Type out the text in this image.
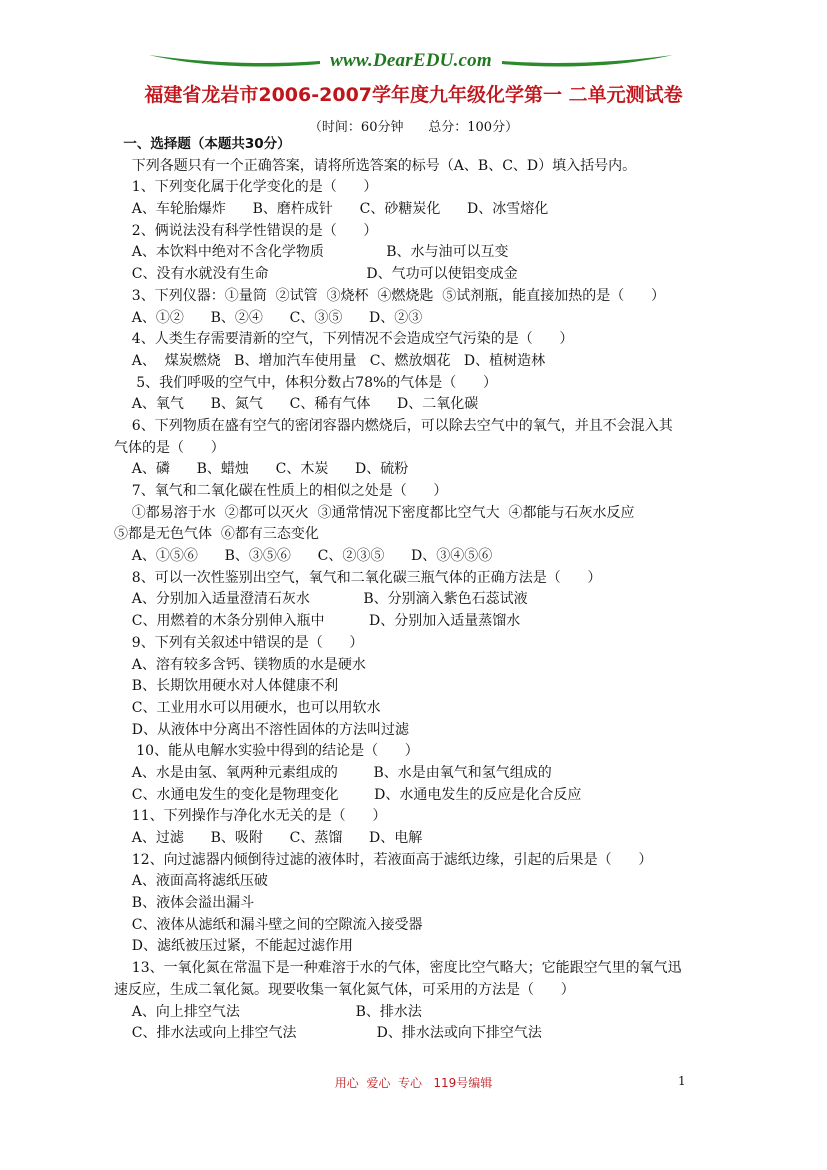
www.DearEDU.com
福建省龙岩市2006-2007学年度九年级化学第一 二单元测试卷
（时间：60分钟      总分：100分）

一、选择题（本题共30分）

下列各题只有一个正确答案，请将所选答案的标号（A、B、C、D）填入括号内。

1、下列变化属于化学变化的是（      ）

A、车轮胎爆炸      B、磨杵成针      C、砂糖炭化      D、冰雪熔化

2、俩说法没有科学性错误的是（      ）

A、本饮料中绝对不含化学物质              B、水与油可以互变

C、没有水就没有生命                      D、气功可以使铝变成金

3、下列仪器：①量筒  ②试管  ③烧杯  ④燃烧匙  ⑤试剂瓶，能直接加热的是（      ）

A、①②      B、②④      C、③⑤      D、②③

4、人类生存需要清新的空气，下列情况不会造成空气污染的是（      ）

A、  煤炭燃烧   B、增加汽车使用量   C、燃放烟花   D、植树造林

5、我们呼吸的空气中，体积分数占78%的气体是（      ）

A、氧气      B、氮气      C、稀有气体      D、二氧化碳

6、下列物质在盛有空气的密闭容器内燃烧后，可以除去空气中的氧气，并且不会混入其

气体的是（      ）

A、磷      B、蜡烛      C、木炭      D、硫粉

7、氧气和二氧化碳在性质上的相似之处是（      ）

①都易溶于水  ②都可以灭火  ③通常情况下密度都比空气大  ④都能与石灰水反应

⑤都是无色气体  ⑥都有三态变化

A、①⑤⑥      B、③⑤⑥      C、②③⑤      D、③④⑤⑥

8、可以一次性鉴别出空气，氧气和二氧化碳三瓶气体的正确方法是（      ）

A、分别加入适量澄清石灰水            B、分别滴入紫色石蕊试液

C、用燃着的木条分别伸入瓶中          D、分别加入适量蒸馏水

9、下列有关叙述中错误的是（      ）

A、溶有较多含钙、镁物质的水是硬水

B、长期饮用硬水对人体健康不利

C、工业用水可以用硬水，也可以用软水

D、从液体中分离出不溶性固体的方法叫过滤

10、能从电解水实验中得到的结论是（      ）

A、水是由氢、氧两种元素组成的        B、水是由氧气和氢气组成的

C、水通电发生的变化是物理变化        D、水通电发生的反应是化合反应

11、下列操作与净化水无关的是（      ）

A、过滤      B、吸附      C、蒸馏      D、电解

12、向过滤器内倾倒待过滤的液体时，若液面高于滤纸边缘，引起的后果是（      ）

A、液面高将滤纸压破

B、液体会溢出漏斗

C、液体从滤纸和漏斗壁之间的空隙流入接受器

D、滤纸被压过紧，不能起过滤作用

13、一氧化氮在常温下是一种难溶于水的气体，密度比空气略大；它能跟空气里的氧气迅

速反应，生成二氧化氮。现要收集一氧化氮气体，可采用的方法是（      ）

A、向上排空气法                          B、排水法

C、排水法或向上排空气法                  D、排水法或向下排空气法

用心  爱心  专心   119号编辑	1
